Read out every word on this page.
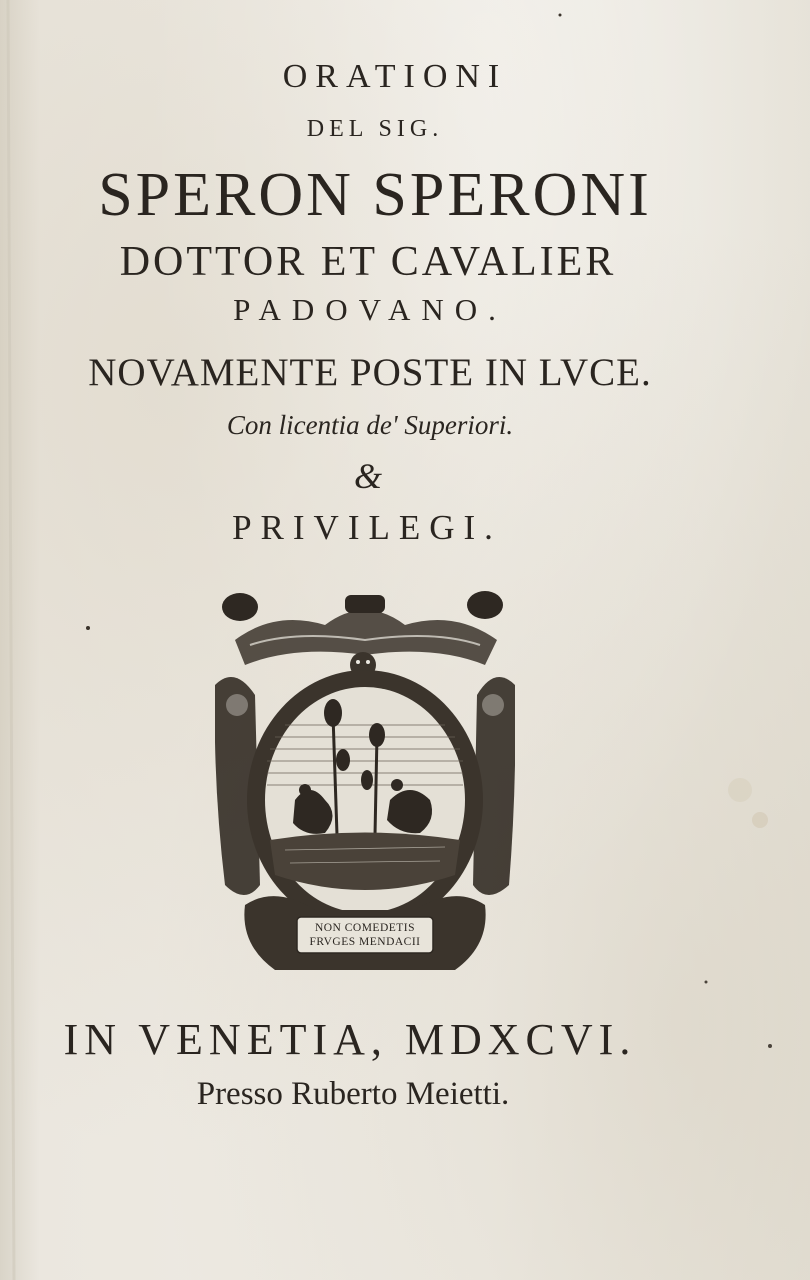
ORATIONI
DEL SIG.
SPERON SPERONI
DOTTOR ET CAVALIER
PADOVANO.
NOVAMENTE POSTE IN LVCE.
Con licentia de' Superiori.
&
PRIVILEGI.
NON COMEDETIS
FRVGES MENDACII
IN VENETIA, MDXCVI.
Presso Ruberto Meietti.
